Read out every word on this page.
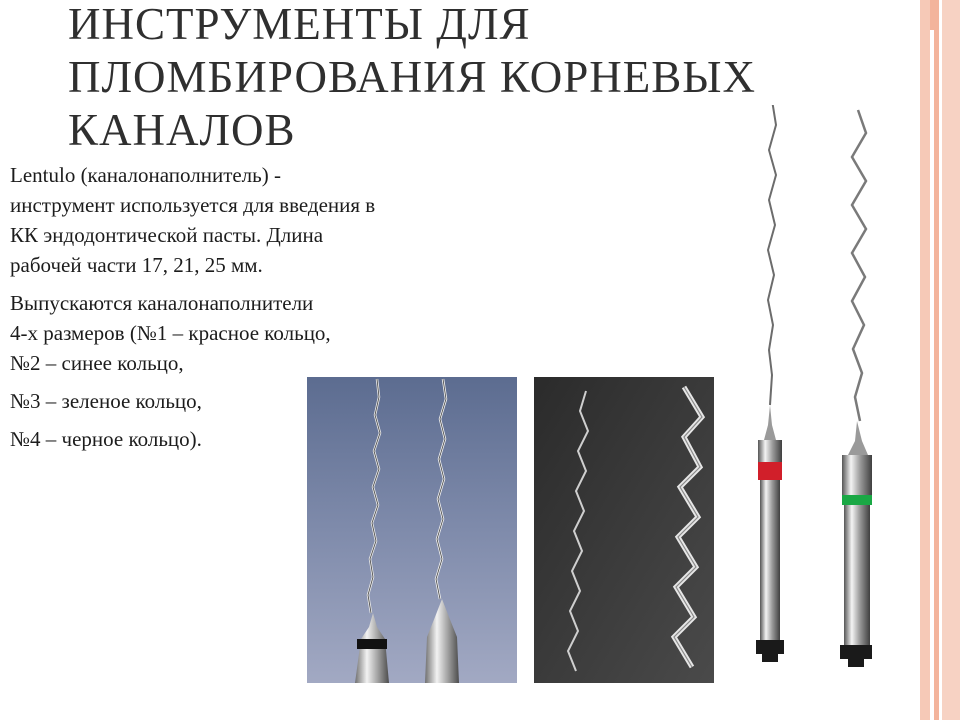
ИНСТРУМЕНТЫ ДЛЯ
ПЛОМБИРОВАНИЯ КОРНЕВЫХ
КАНАЛОВ

Lentulo (каналонаполнитель) -
инструмент используется для введения в
КК эндодонтической пасты. Длина
рабочей части 17, 21, 25 мм.

Выпускаются каналонаполнители
4-х размеров (№1 – красное кольцо,
№2 – синее кольцо,

№3 – зеленое кольцо,

№4 – черное кольцо).
